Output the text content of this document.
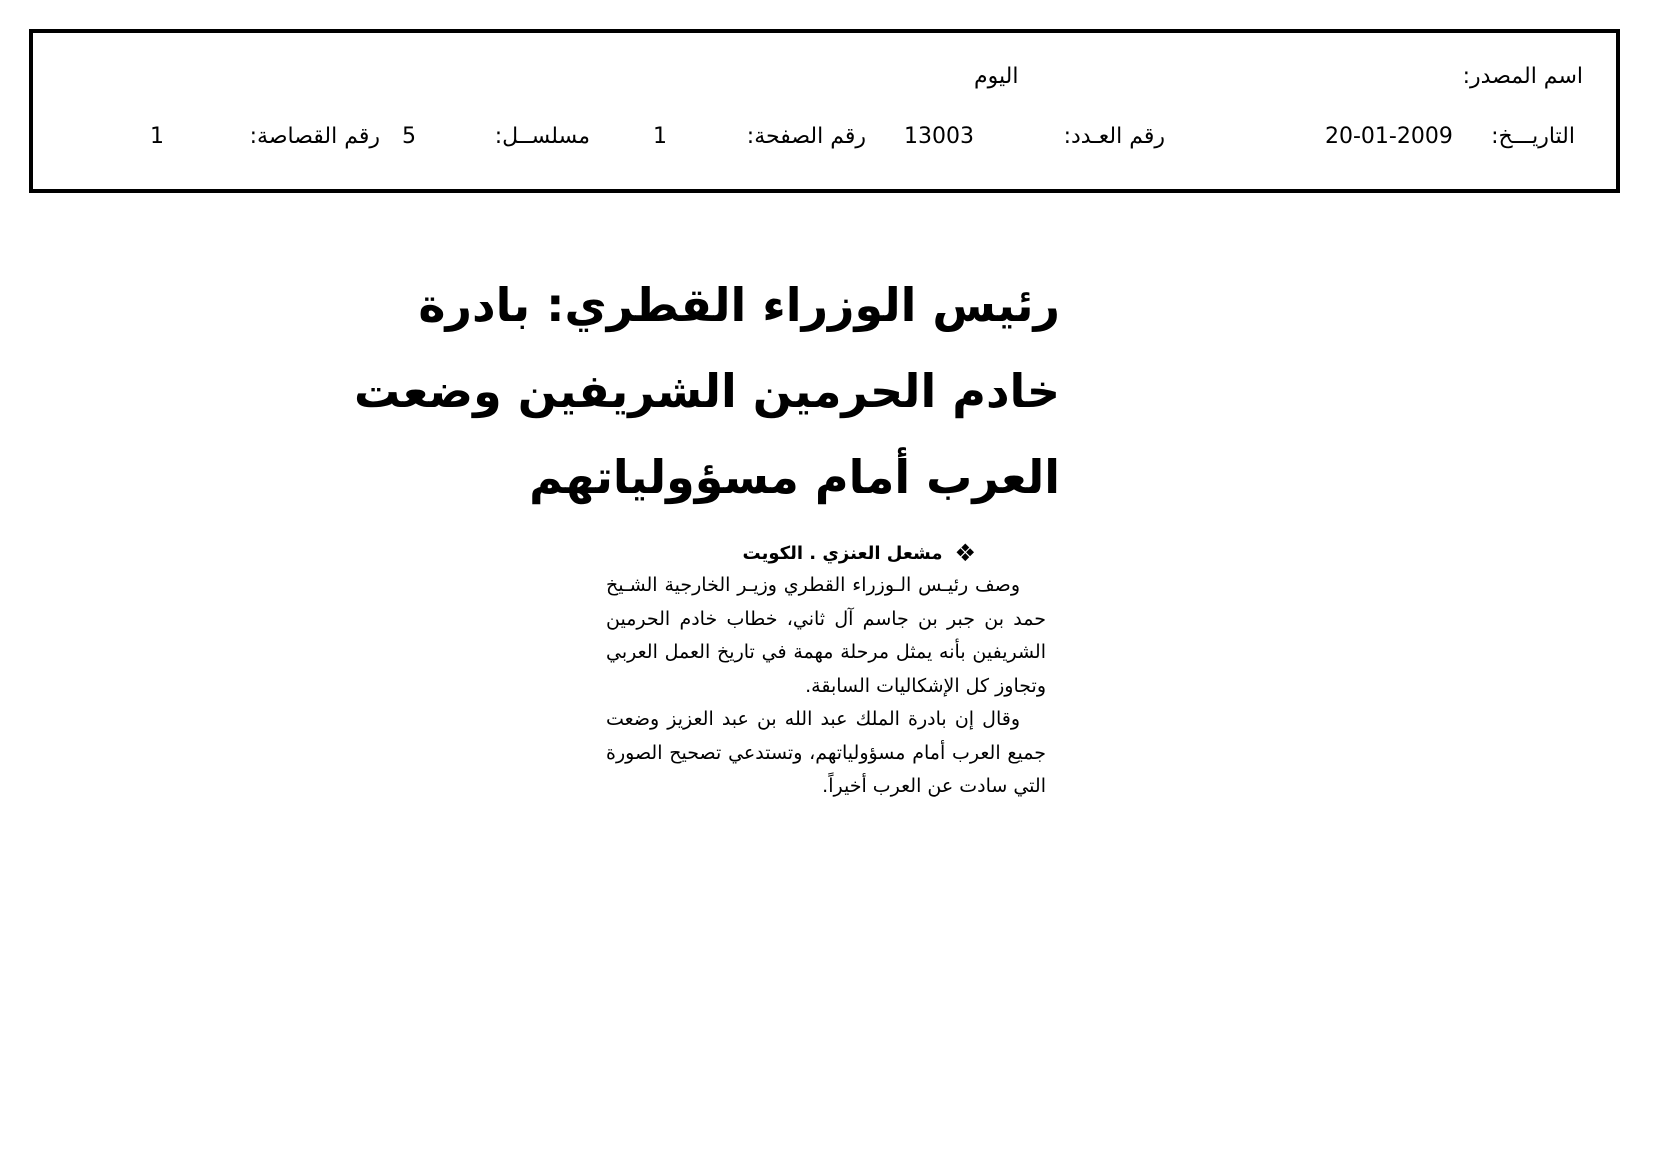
اسم المصدر:
اليوم
التاريـــخ:
20-01-2009
رقم العـدد:
13003
رقم الصفحة:
1
مسلســل:
5
رقم القصاصة:
1
رئيس الوزراء القطري: بادرة
خادم الحرمين الشريفين وضعت
العرب أمام مسؤولياتهم
❖
مشعل العنزي . الكويت

وصف رئيـس الـوزراء القطري وزيـر الخارجية الشـيخ حمد بن جبر بن جاسم آل ثاني، خطاب خادم الحرمين الشريفين بأنه يمثل مرحلة مهمة في تاريخ العمل العربي وتجاوز كل الإشكاليات السابقة.

وقال إن بادرة الملك عبد الله بن عبد العزيز وضعت جميع العرب أمام مسؤولياتهم، وتستدعي تصحيح الصورة التي سادت عن العرب أخيراً.
